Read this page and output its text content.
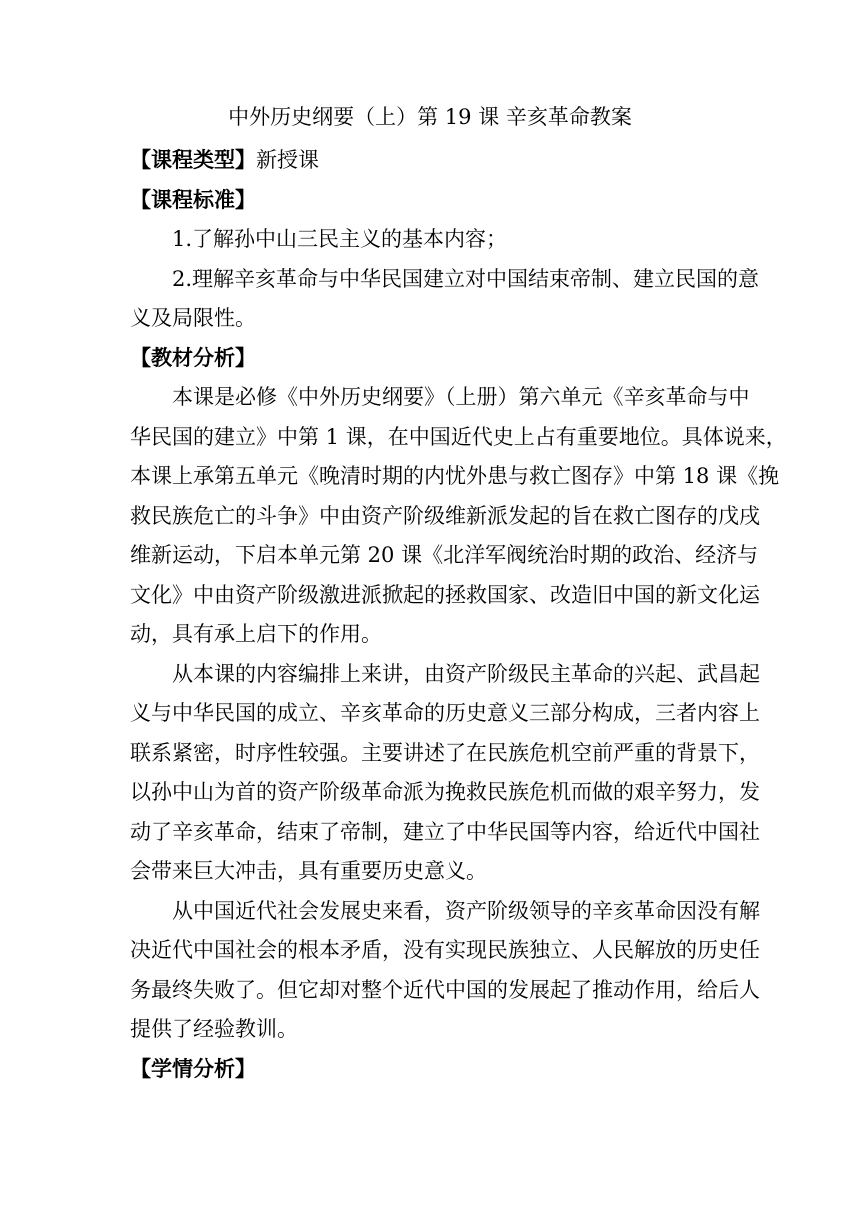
中外历史纲要（上）第 19 课 辛亥革命教案
【课程类型】新授课
【课程标准】
1.了解孙中山三民主义的基本内容；
2.理解辛亥革命与中华民国建立对中国结束帝制、建立民国的意
义及局限性。
【教材分析】
本课是必修《中外历史纲要》（上册）第六单元《辛亥革命与中
华民国的建立》中第 1 课，在中国近代史上占有重要地位。具体说来，
本课上承第五单元《晚清时期的内忧外患与救亡图存》中第 18 课《挽
救民族危亡的斗争》中由资产阶级维新派发起的旨在救亡图存的戊戌
维新运动，下启本单元第 20 课《北洋军阀统治时期的政治、经济与
文化》中由资产阶级激进派掀起的拯救国家、改造旧中国的新文化运
动，具有承上启下的作用。
从本课的内容编排上来讲，由资产阶级民主革命的兴起、武昌起
义与中华民国的成立、辛亥革命的历史意义三部分构成，三者内容上
联系紧密，时序性较强。主要讲述了在民族危机空前严重的背景下，
以孙中山为首的资产阶级革命派为挽救民族危机而做的艰辛努力，发
动了辛亥革命，结束了帝制，建立了中华民国等内容，给近代中国社
会带来巨大冲击，具有重要历史意义。
从中国近代社会发展史来看，资产阶级领导的辛亥革命因没有解
决近代中国社会的根本矛盾，没有实现民族独立、人民解放的历史任
务最终失败了。但它却对整个近代中国的发展起了推动作用，给后人
提供了经验教训。
【学情分析】
